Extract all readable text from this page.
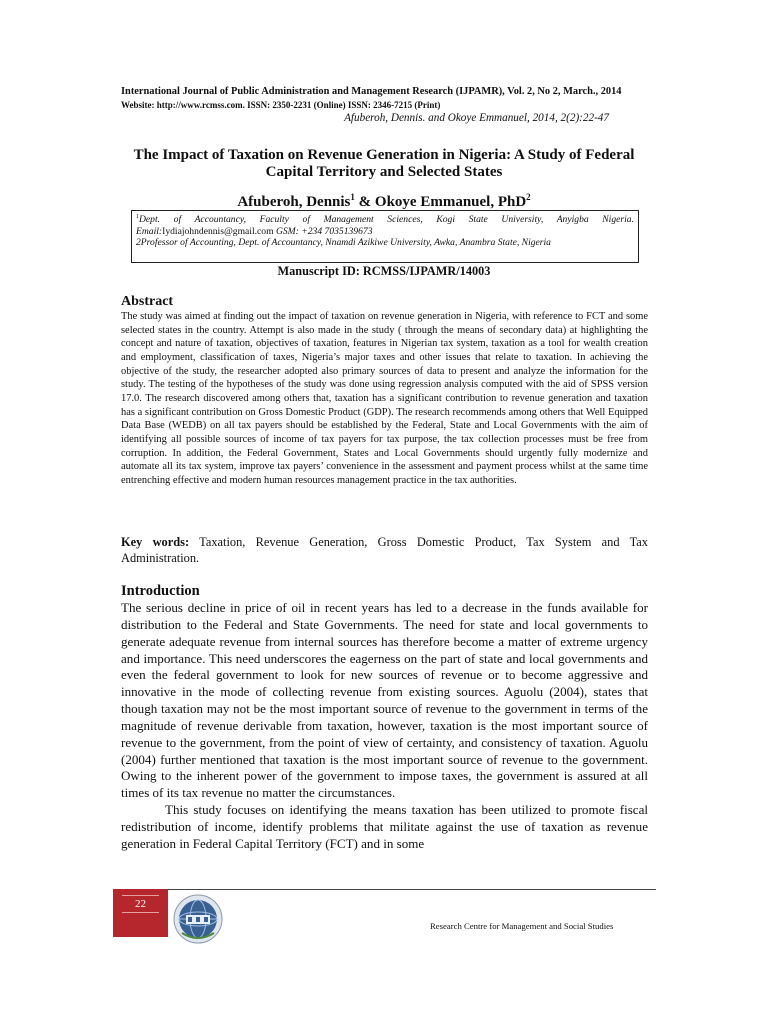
International Journal of Public Administration and Management Research (IJPAMR), Vol. 2, No 2, March., 2014 Website: http://www.rcmss.com. ISSN: 2350-2231 (Online) ISSN: 2346-7215 (Print)
Afuberoh, Dennis. and Okoye Emmanuel, 2014, 2(2):22-47
The Impact of Taxation on Revenue Generation in Nigeria: A Study of Federal
Capital Territory and Selected States
Afuberoh, Dennis$^1$ & Okoye Emmanuel, PhD$^2$
$^1$Dept. of Accountancy, Faculty of Management Sciences, Kogi State University, Anyigba Nigeria. Email:Iydiajohndennis@gmail.com GSM: +234 7035139673
2Professor of Accounting, Dept. of Accountancy, Nnamdi Azikiwe University, Awka, Anambra State, Nigeria
Manuscript ID: RCMSS/IJPAMR/14003
Abstract
The study was aimed at finding out the impact of taxation on revenue generation in Nigeria, with reference to FCT and some selected states in the country. Attempt is also made in the study ( through the means of secondary data) at highlighting the concept and nature of taxation, objectives of taxation, features in Nigerian tax system, taxation as a tool for wealth creation and employment, classification of taxes, Nigeria’s major taxes and other issues that relate to taxation. In achieving the objective of the study, the researcher adopted also primary sources of data to present and analyze the information for the study. The testing of the hypotheses of the study was done using regression analysis computed with the aid of SPSS version 17.0. The research discovered among others that, taxation has a significant contribution to revenue generation and taxation has a significant contribution on Gross Domestic Product (GDP). The research recommends among others that Well Equipped Data Base (WEDB) on all tax payers should be established by the Federal, State and Local Governments with the aim of identifying all possible sources of income of tax payers for tax purpose, the tax collection processes must be free from corruption. In addition, the Federal Government, States and Local Governments should urgently fully modernize and automate all its tax system, improve tax payers’ convenience in the assessment and payment process whilst at the same time entrenching effective and modern human resources management practice in the tax authorities.
Key words: Taxation, Revenue Generation, Gross Domestic Product, Tax System and Tax Administration.
Introduction

The serious decline in price of oil in recent years has led to a decrease in the funds available for distribution to the Federal and State Governments. The need for state and local governments to generate adequate revenue from internal sources has therefore become a matter of extreme urgency and importance. This need underscores the eagerness on the part of state and local governments and even the federal government to look for new sources of revenue or to become aggressive and innovative in the mode of collecting revenue from existing sources. Aguolu (2004), states that though taxation may not be the most important source of revenue to the government in terms of the magnitude of revenue derivable from taxation, however, taxation is the most important source of revenue to the government, from the point of view of certainty, and consistency of taxation. Aguolu (2004) further mentioned that taxation is the most important source of revenue to the government. Owing to the inherent power of the government to impose taxes, the government is assured at all times of its tax revenue no matter the circumstances.

This study focuses on identifying the means taxation has been utilized to promote fiscal redistribution of income, identify problems that militate against the use of taxation as revenue generation in Federal Capital Territory (FCT) and in some

22
Research Centre for Management and Social Studies
